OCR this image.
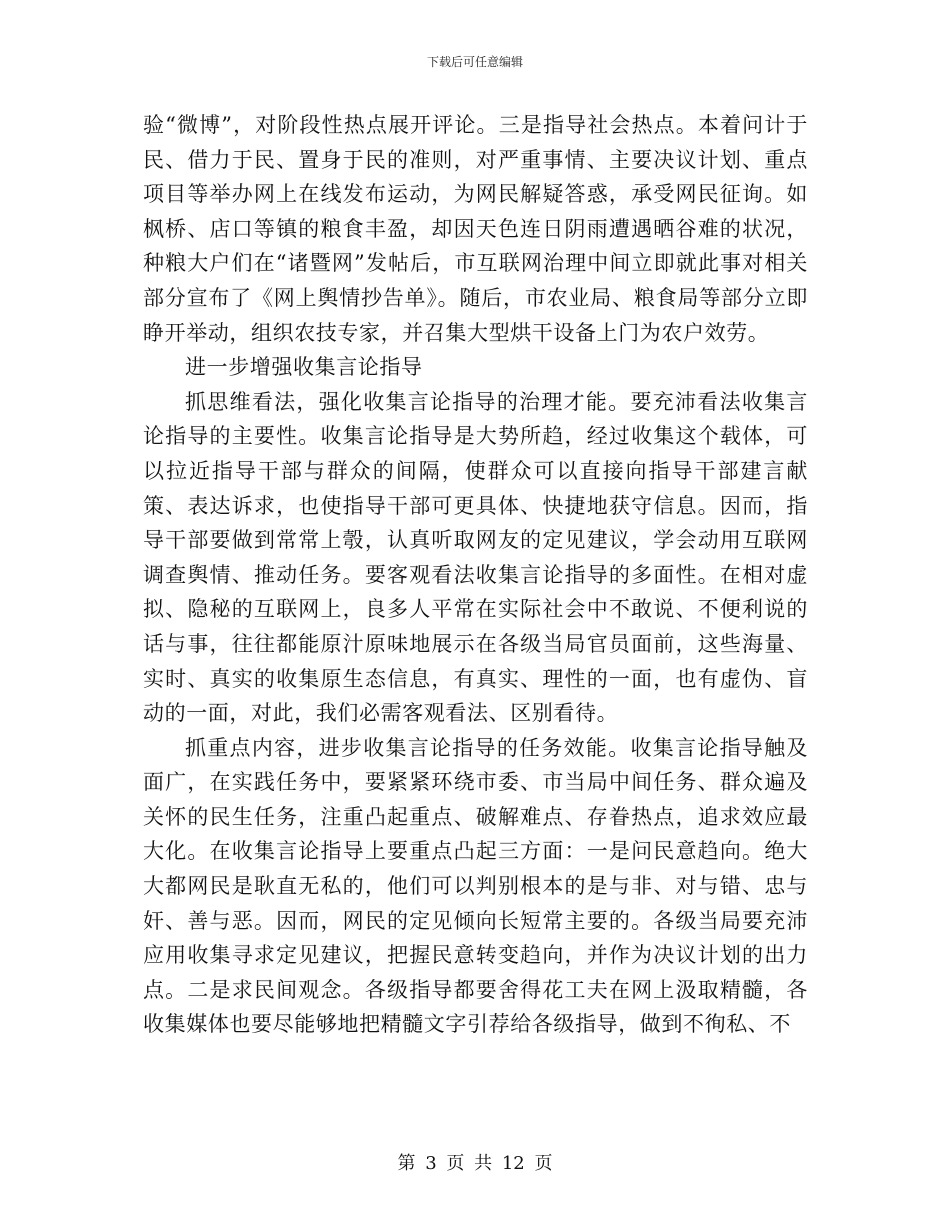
下载后可任意编辑

验“微博”，对阶段性热点展开评论。三是指导社会热点。本着问计于民、借力于民、置身于民的准则，对严重事情、主要决议计划、重点项目等举办网上在线发布运动，为网民解疑答惑，承受网民征询。如枫桥、店口等镇的粮食丰盈，却因天色连日阴雨遭遇晒谷难的状况，种粮大户们在“诸暨网”发帖后，市互联网治理中间立即就此事对相关部分宣布了《网上舆情抄告单》。随后，市农业局、粮食局等部分立即睁开举动，组织农技专家，并召集大型烘干设备上门为农户效劳。

进一步增强收集言论指导

抓思维看法，强化收集言论指导的治理才能。要充沛看法收集言论指导的主要性。收集言论指导是大势所趋，经过收集这个载体，可以拉近指导干部与群众的间隔，使群众可以直接向指导干部建言献策、表达诉求，也使指导干部可更具体、快捷地获守信息。因而，指导干部要做到常常上彀，认真听取网友的定见建议，学会动用互联网调查舆情、推动任务。要客观看法收集言论指导的多面性。在相对虚拟、隐秘的互联网上，良多人平常在实际社会中不敢说、不便利说的话与事，往往都能原汁原味地展示在各级当局官员面前，这些海量、实时、真实的收集原生态信息，有真实、理性的一面，也有虚伪、盲动的一面，对此，我们必需客观看法、区别看待。

抓重点内容，进步收集言论指导的任务效能。收集言论指导触及面广，在实践任务中，要紧紧环绕市委、市当局中间任务、群众遍及关怀的民生任务，注重凸起重点、破解难点、存眷热点，追求效应最大化。在收集言论指导上要重点凸起三方面：一是问民意趋向。绝大大都网民是耿直无私的，他们可以判别根本的是与非、对与错、忠与奸、善与恶。因而，网民的定见倾向长短常主要的。各级当局要充沛应用收集寻求定见建议，把握民意转变趋向，并作为决议计划的出力点。二是求民间观念。各级指导都要舍得花工夫在网上汲取精髓，各收集媒体也要尽能够地把精髓文字引荐给各级指导，做到不徇私、不

第 3 页 共 12 页
